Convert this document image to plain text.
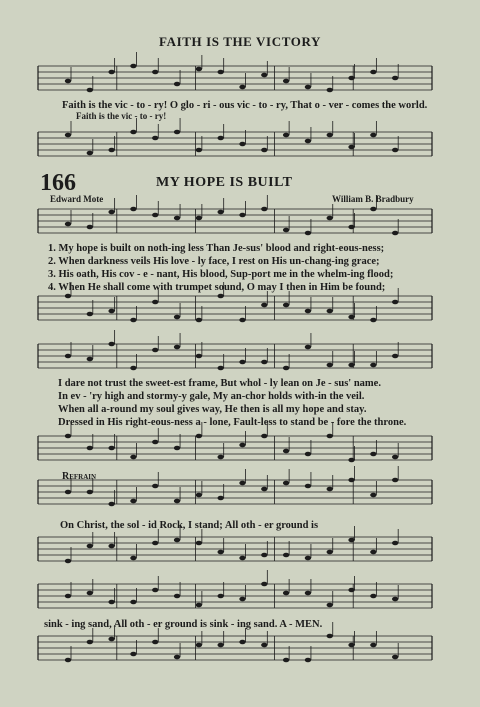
FAITH IS THE VICTORY
Faith is the vic - to - ry! O glo - ri - ous vic - to - ry, That o - ver - comes the world.
Faith is the vic - to - ry!
166	MY HOPE IS BUILT
Edward Mote	William B. Bradbury
1. My hope is built on noth-ing less Than Je-sus' blood and right-eous-ness;
2. When darkness veils His love - ly face, I rest on His un-chang-ing grace;
3. His oath, His cov - e - nant, His blood, Sup-port me in the whelm-ing flood;
4. When He shall come with trumpet sound, O may I then in Him be found;
I dare not trust the sweet-est frame, But whol - ly lean on Je - sus' name.
In ev - 'ry high and stormy-y gale, My an-chor holds with-in the veil.
When all a-round my soul gives way, He then is all my hope and stay.
Dressed in His right-eous-ness a - lone, Fault-less to stand be - fore the throne.
Refrain
On Christ, the sol - id Rock, I stand; All oth - er ground is
sink - ing sand, All oth - er ground is sink - ing sand. A - MEN.
